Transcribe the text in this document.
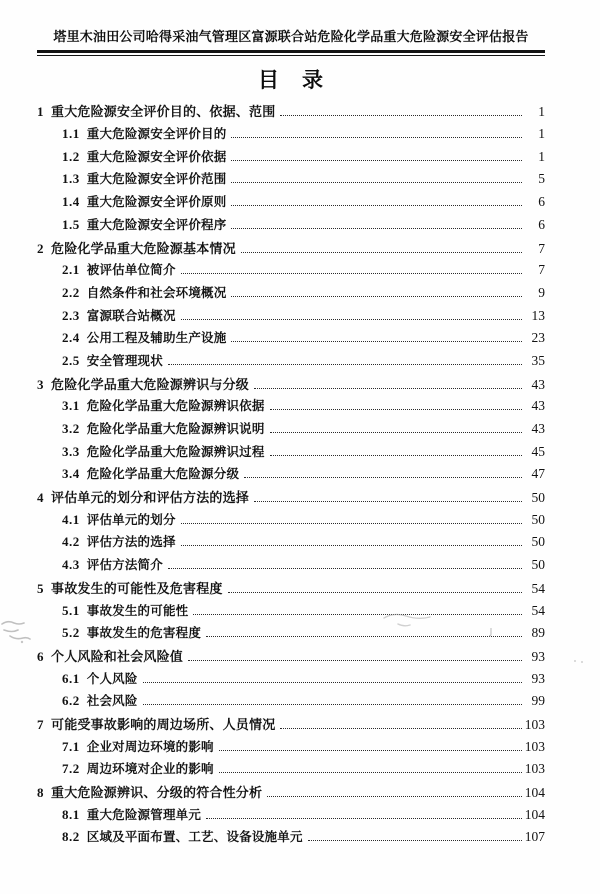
塔里木油田公司哈得采油气管理区富源联合站危险化学品重大危险源安全评估报告
目　录
1 重大危险源安全评价目的、依据、范围	1
1.1 重大危险源安全评价目的	1
1.2 重大危险源安全评价依据	1
1.3 重大危险源安全评价范围	5
1.4 重大危险源安全评价原则	6
1.5 重大危险源安全评价程序	6
2 危险化学品重大危险源基本情况	7
2.1 被评估单位简介	7
2.2 自然条件和社会环境概况	9
2.3 富源联合站概况	13
2.4 公用工程及辅助生产设施	23
2.5 安全管理现状	35
3 危险化学品重大危险源辨识与分级	43
3.1 危险化学品重大危险源辨识依据	43
3.2 危险化学品重大危险源辨识说明	43
3.3 危险化学品重大危险源辨识过程	45
3.4 危险化学品重大危险源分级	47
4 评估单元的划分和评估方法的选择	50
4.1 评估单元的划分	50
4.2 评估方法的选择	50
4.3 评估方法简介	50
5 事故发生的可能性及危害程度	54
5.1 事故发生的可能性	54
5.2 事故发生的危害程度	89
6 个人风险和社会风险值	93
6.1 个人风险	93
6.2 社会风险	99
7 可能受事故影响的周边场所、人员情况	103
7.1 企业对周边环境的影响	103
7.2 周边环境对企业的影响	103
8 重大危险源辨识、分级的符合性分析	104
8.1 重大危险源管理单元	104
8.2 区域及平面布置、工艺、设备设施单元	107
